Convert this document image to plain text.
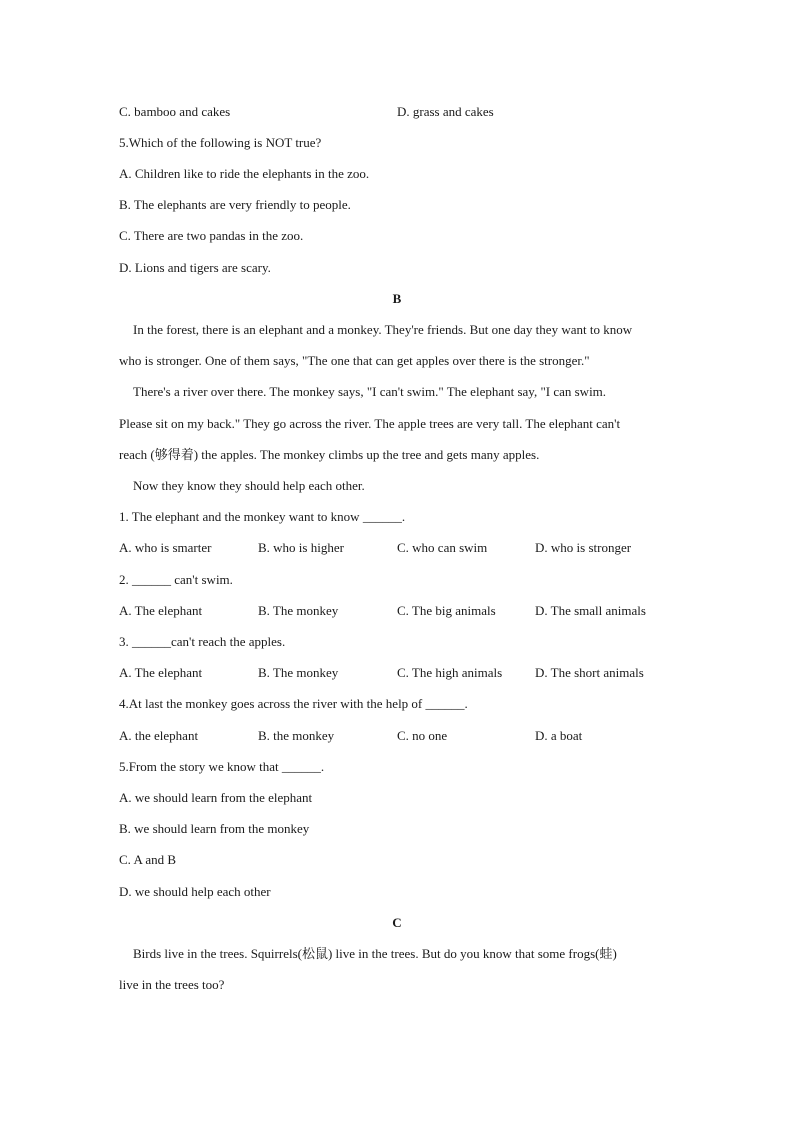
C. bamboo and cakes	D. grass and cakes
5.Which of the following is NOT true?
A. Children like to ride the elephants in the zoo.
B. The elephants are very friendly to people.
C. There are two pandas in the zoo.
D. Lions and tigers are scary.
B
In the forest, there is an elephant and a monkey. They're friends. But one day they want to know
who is stronger. One of them says, "The one that can get apples over there is the stronger."
There's a river over there. The monkey says, "I can't swim." The elephant say, "I can swim.
Please sit on my back." They go across the river. The apple trees are very tall. The elephant can't
reach (够得着) the apples. The monkey climbs up the tree and gets many apples.
Now they know they should help each other.
1. The elephant and the monkey want to know ______.
A. who is smarter	B. who is higher	C. who can swim	D. who is stronger
2. ______ can't swim.
A. The elephant	B. The monkey	C. The big animals	D. The small animals
3. ______can't reach the apples.
A. The elephant	B. The monkey	C. The high animals	D. The short animals
4.At last the monkey goes across the river with the help of ______.
A. the elephant	B. the monkey	C. no one	D. a boat
5.From the story we know that ______.
A. we should learn from the elephant
B. we should learn from the monkey
C. A and B
D. we should help each other
C
Birds live in the trees. Squirrels(松鼠) live in the trees. But do you know that some frogs(蛙)
live in the trees too?
